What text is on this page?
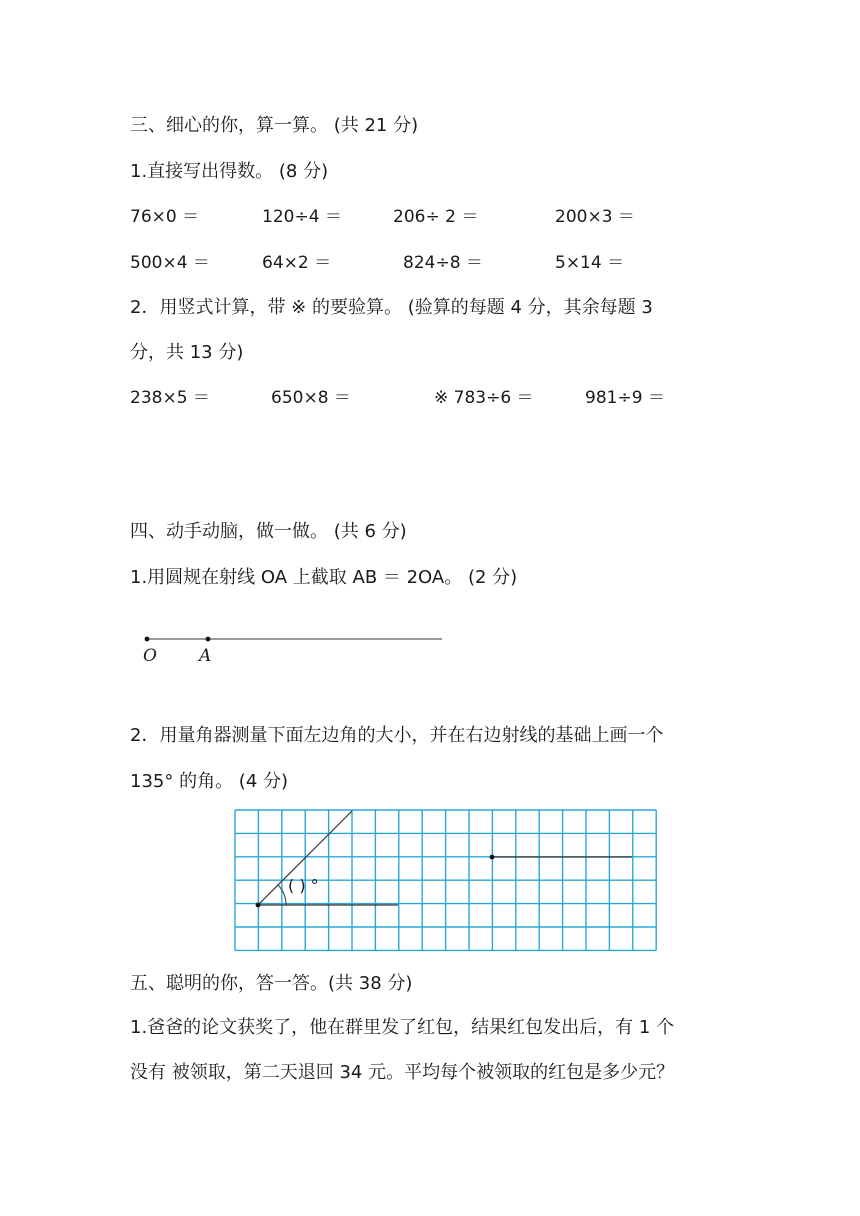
三、细心的你，算一算。 (共 21 分)
1.直接写出得数。 (8 分)
76×0 ＝	120÷4 ＝	206÷ 2 ＝	200×3 ＝
500×4 ＝	64×2 ＝	824÷8 ＝	5×14 ＝
2．用竖式计算，带 ※ 的要验算。 (验算的每题 4 分，其余每题 3
分，共 13 分)
238×5 ＝	650×8 ＝	※ 783÷6 ＝	981÷9 ＝
四、动手动脑，做一做。 (共 6 分)
1.用圆规在射线 OA 上截取 AB ＝ 2OA。 (2 分)
O A
2．用量角器测量下面左边角的大小，并在右边射线的基础上画一个
135° 的角。 (4 分)
( ) °
五、聪明的你，答一答。(共 38 分)
1.爸爸的论文获奖了，他在群里发了红包，结果红包发出后，有 1 个
没有 被领取，第二天退回 34 元。平均每个被领取的红包是多少元？
